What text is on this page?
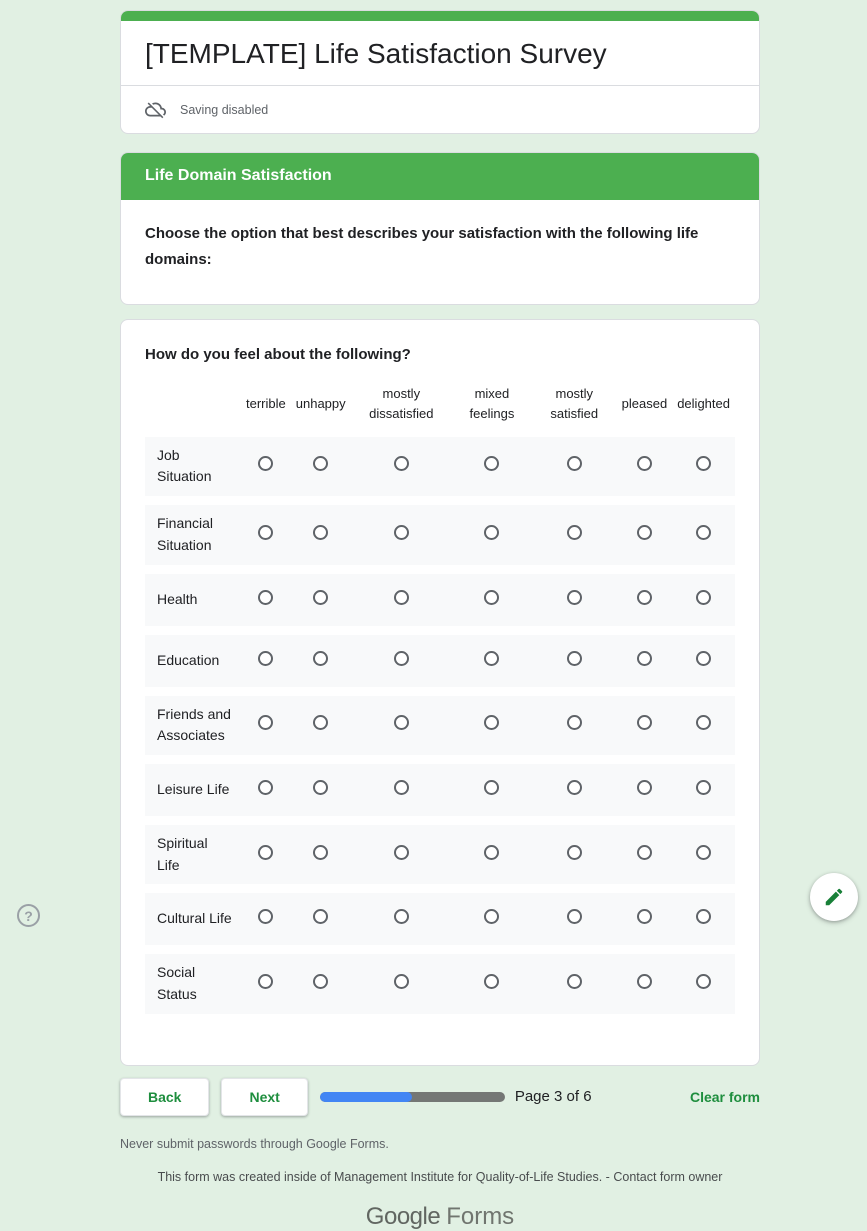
[TEMPLATE] Life Satisfaction Survey
Saving disabled
Life Domain Satisfaction

Choose the option that best describes your satisfaction with the following life domains:

How do you feel about the following?
	terrible	unhappy	mostly dissatisfied	mixed feelings	mostly satisfied	pleased	delighted
Job Situation							
Financial Situation							
Health							
Education							
Friends and Associates							
Leisure Life							
Spiritual Life							
Cultural Life							
Social Status							
Back	Next	Page 3 of 6	Clear form
Never submit passwords through Google Forms.
This form was created inside of Management Institute for Quality-of-Life Studies. - Contact form owner
Google Forms
?
